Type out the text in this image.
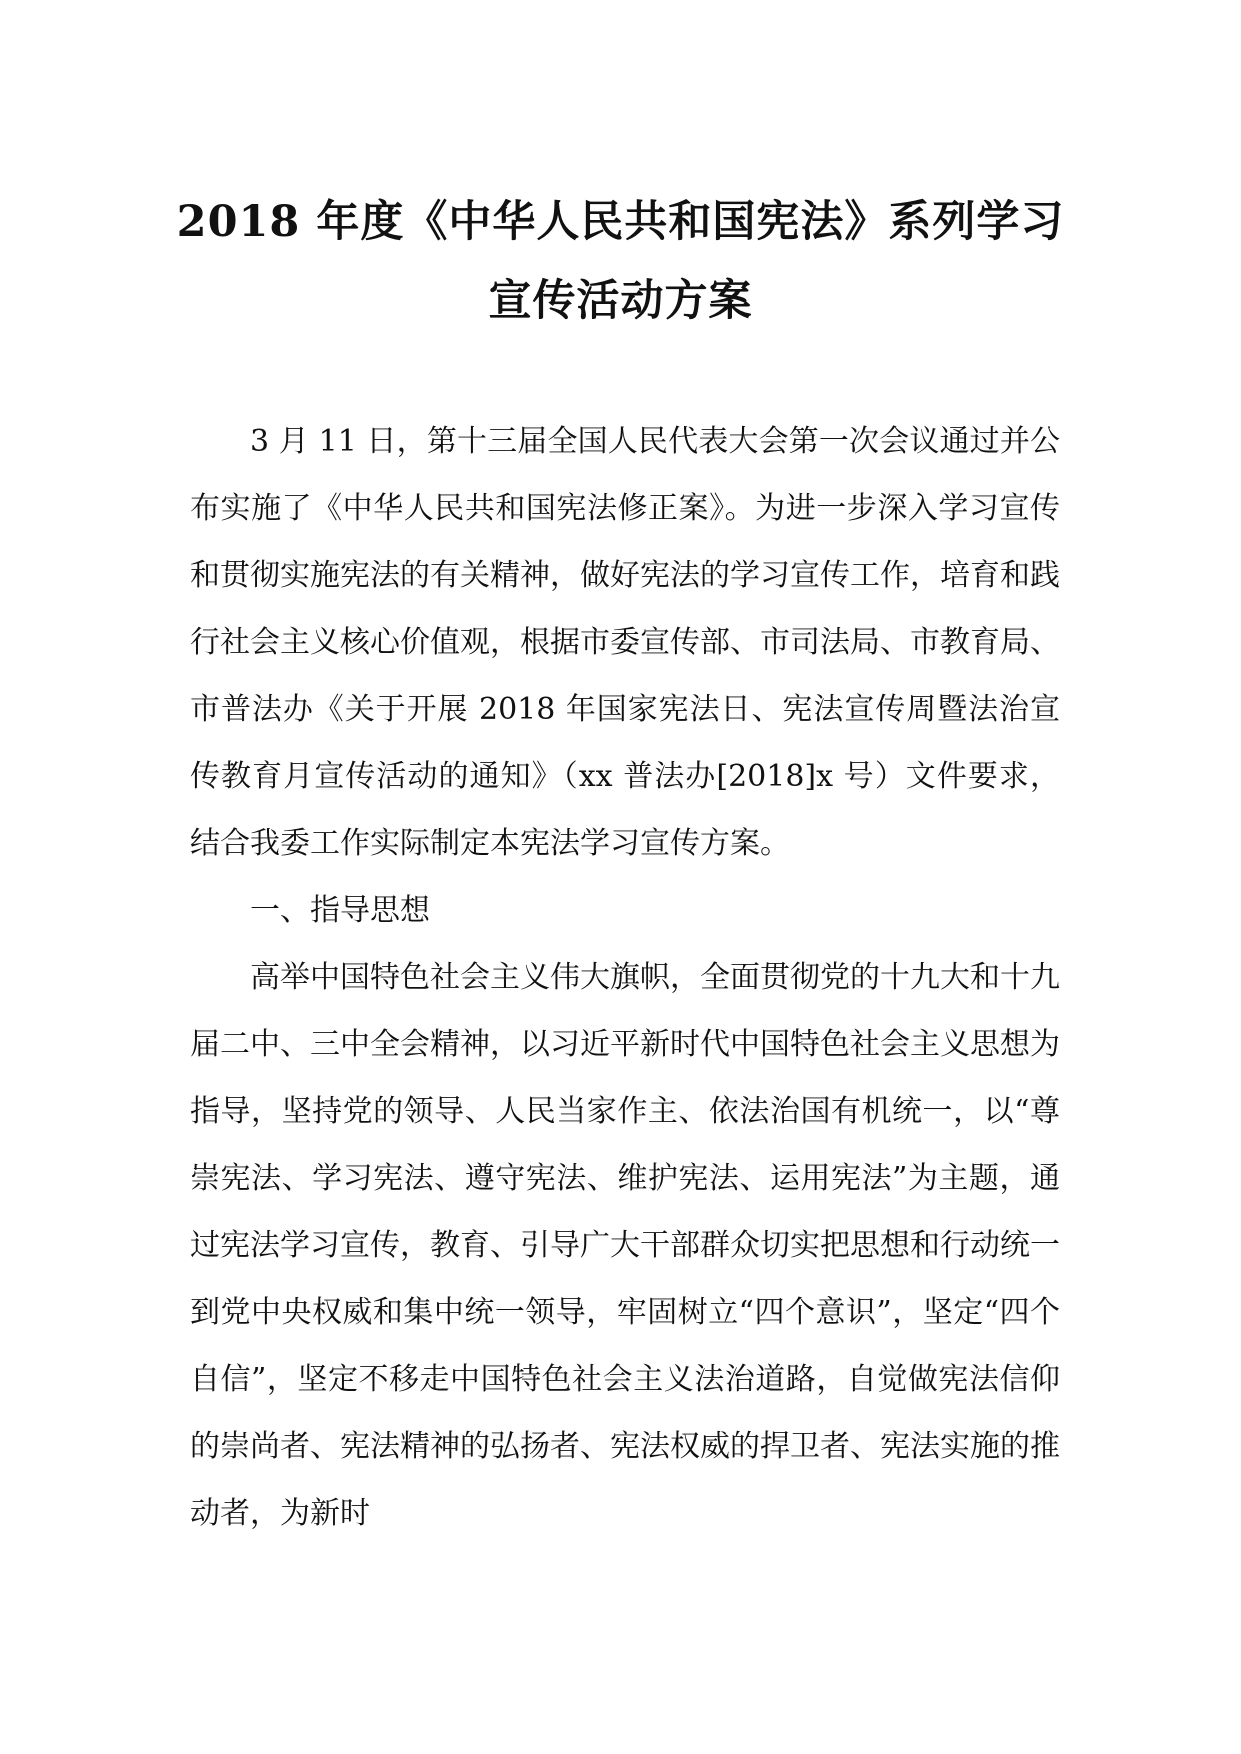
2018 年度《中华人民共和国宪法》系列学习
宣传活动方案

3 月 11 日，第十三届全国人民代表大会第一次会议通过并公布实施了《中华人民共和国宪法修正案》。为进一步深入学习宣传和贯彻实施宪法的有关精神，做好宪法的学习宣传工作，培育和践行社会主义核心价值观，根据市委宣传部、市司法局、市教育局、市普法办《关于开展 2018 年国家宪法日、宪法宣传周暨法治宣传教育月宣传活动的通知》（xx 普法办[2018]x 号）文件要求，结合我委工作实际制定本宪法学习宣传方案。

一、指导思想

高举中国特色社会主义伟大旗帜，全面贯彻党的十九大和十九届二中、三中全会精神，以习近平新时代中国特色社会主义思想为指导，坚持党的领导、人民当家作主、依法治国有机统一，以“尊崇宪法、学习宪法、遵守宪法、维护宪法、运用宪法”为主题，通过宪法学习宣传，教育、引导广大干部群众切实把思想和行动统一到党中央权威和集中统一领导，牢固树立“四个意识”，坚定“四个自信”，坚定不移走中国特色社会主义法治道路，自觉做宪法信仰的崇尚者、宪法精神的弘扬者、宪法权威的捍卫者、宪法实施的推动者，为新时
